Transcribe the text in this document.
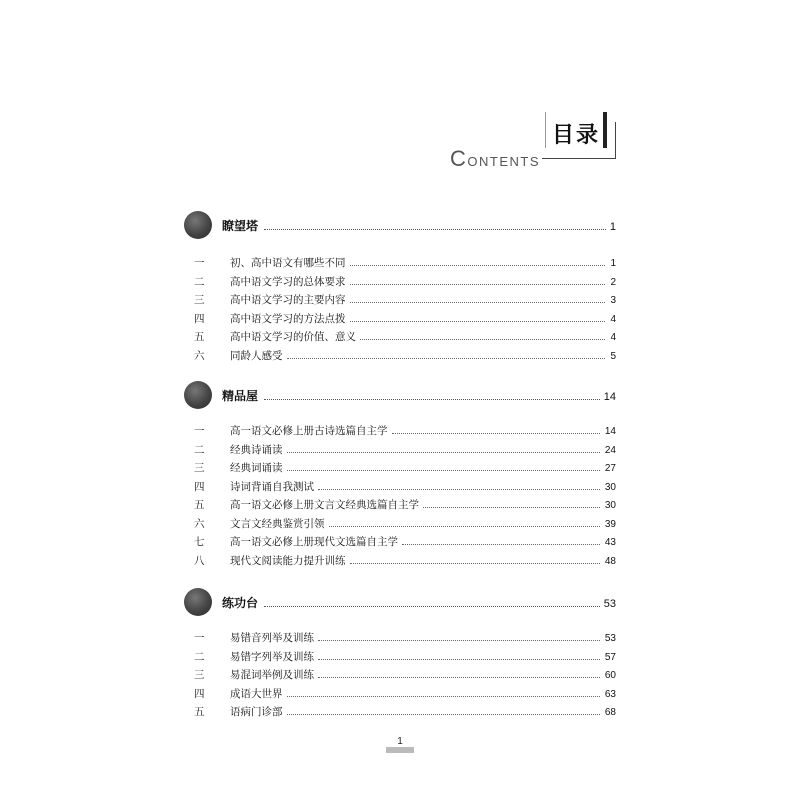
目录
CONTENTS
瞭望塔	1
一	初、高中语文有哪些不同	1
二	高中语文学习的总体要求	2
三	高中语文学习的主要内容	3
四	高中语文学习的方法点拨	4
五	高中语文学习的价值、意义	4
六	同龄人感受	5
精品屋	14
一	高一语文必修上册古诗选篇自主学	14
二	经典诗诵读	24
三	经典词诵读	27
四	诗词背诵自我测试	30
五	高一语文必修上册文言文经典选篇自主学	30
六	文言文经典鉴赏引领	39
七	高一语文必修上册现代文选篇自主学	43
八	现代文阅读能力提升训练	48
练功台	53
一	易错音列举及训练	53
二	易错字列举及训练	57
三	易混词举例及训练	60
四	成语大世界	63
五	语病门诊部	68
1
